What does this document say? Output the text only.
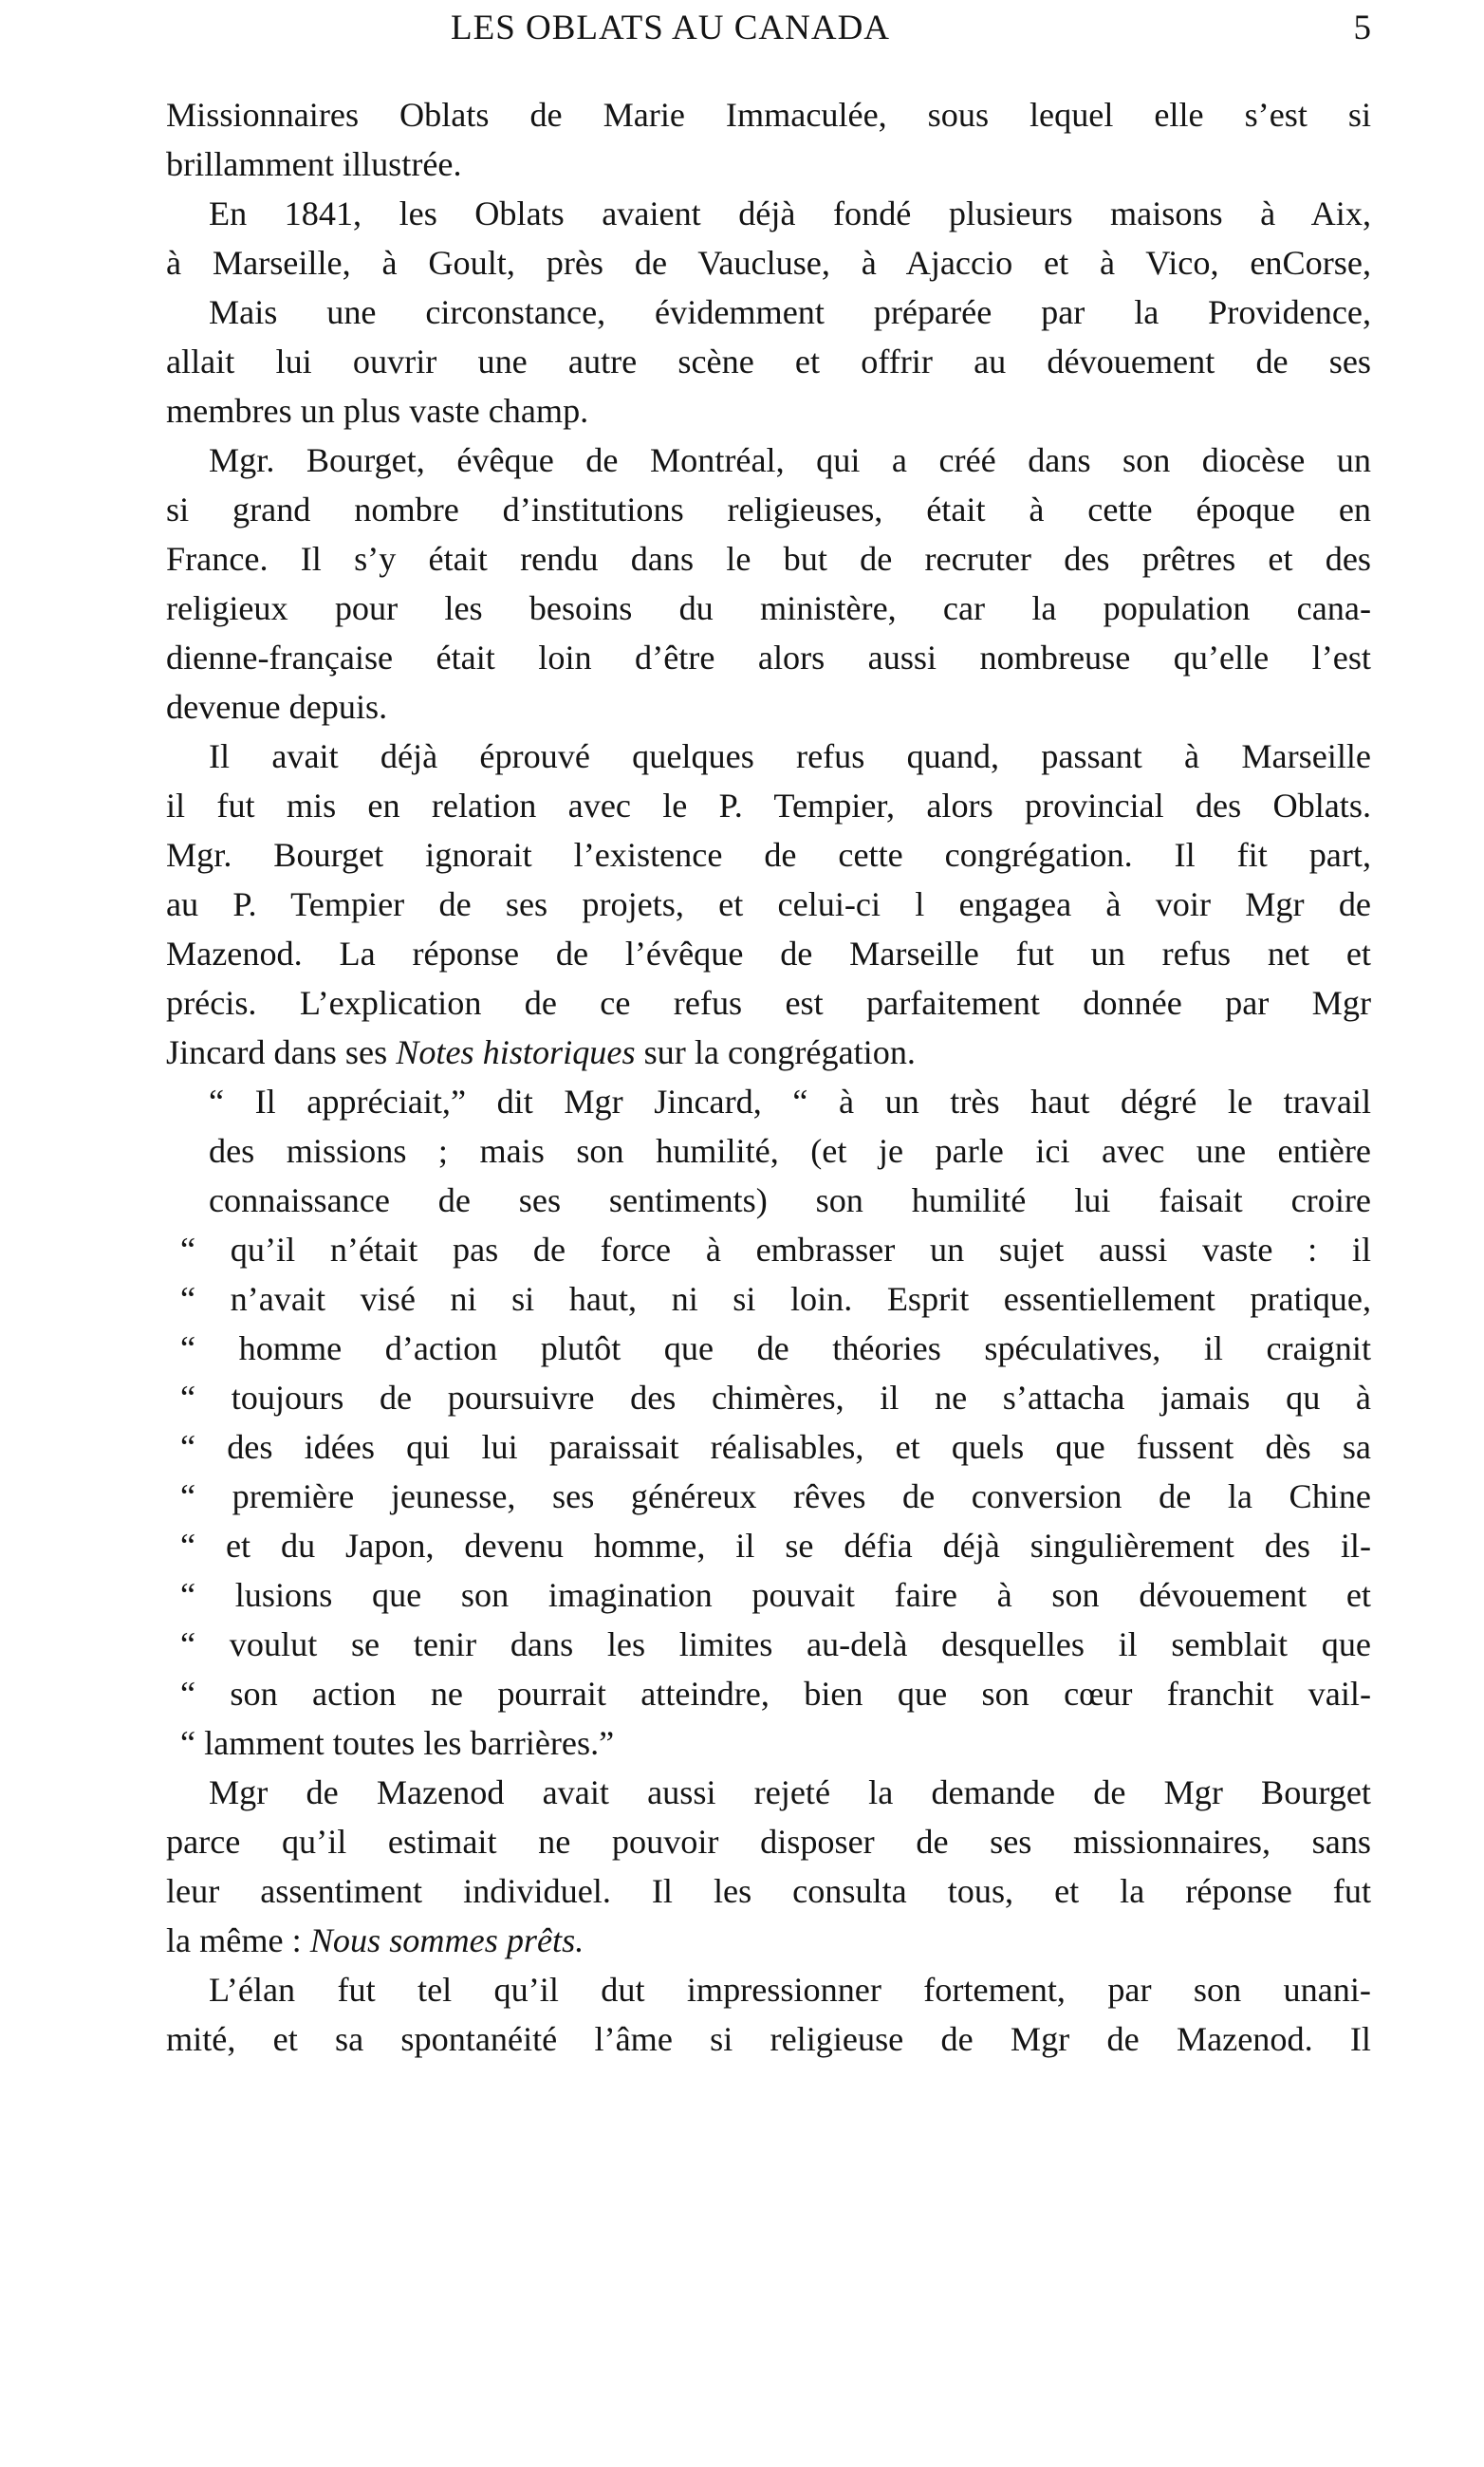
LES OBLATS AU CANADA	5
Missionnaires Oblats de Marie Immaculée, sous lequel elle s’est si
brillamment illustrée.
En 1841, les Oblats avaient déjà fondé plusieurs maisons à Aix,
à Marseille, à Goult, près de Vaucluse, à Ajaccio et à Vico, enCorse,
Mais une circonstance, évidemment préparée par la Providence,
allait lui ouvrir une autre scène et offrir au dévouement de ses
membres un plus vaste champ.
Mgr. Bourget, évêque de Montréal, qui a créé dans son diocèse un
si grand nombre d’institutions religieuses, était à cette époque en
France. Il s’y était rendu dans le but de recruter des prêtres et des
religieux pour les besoins du ministère, car la population cana-
dienne-française était loin d’être alors aussi nombreuse qu’elle l’est
devenue depuis.
Il avait déjà éprouvé quelques refus quand, passant à Marseille
il fut mis en relation avec le P. Tempier, alors provincial des Oblats.
Mgr. Bourget ignorait l’existence de cette congrégation. Il fit part,
au P. Tempier de ses projets, et celui-ci l engagea à voir Mgr de
Mazenod. La réponse de l’évêque de Marseille fut un refus net et
précis. L’explication de ce refus est parfaitement donnée par Mgr
Jincard dans ses Notes historiques sur la congrégation.
“ Il appréciait,” dit Mgr Jincard, “ à un très haut dégré le travail
des missions ; mais son humilité, (et je parle ici avec une entière
connaissance de ses sentiments) son humilité lui faisait croire
“ qu’il n’était pas de force à embrasser un sujet aussi vaste : il
“ n’avait visé ni si haut, ni si loin. Esprit essentiellement pratique,
“ homme d’action plutôt que de théories spéculatives, il craignit
“ toujours de poursuivre des chimères, il ne s’attacha jamais qu à
“ des idées qui lui paraissait réalisables, et quels que fussent dès sa
“ première jeunesse, ses généreux rêves de conversion de la Chine
“ et du Japon, devenu homme, il se défia déjà singulièrement des il-
“ lusions que son imagination pouvait faire à son dévouement et
“ voulut se tenir dans les limites au-delà desquelles il semblait que
“ son action ne pourrait atteindre, bien que son cœur franchit vail-
“ lamment toutes les barrières.”
Mgr de Mazenod avait aussi rejeté la demande de Mgr Bourget
parce qu’il estimait ne pouvoir disposer de ses missionnaires, sans
leur assentiment individuel. Il les consulta tous, et la réponse fut
la même : Nous sommes prêts.
L’élan fut tel qu’il dut impressionner fortement, par son unani-
mité, et sa spontanéité l’âme si religieuse de Mgr de Mazenod. Il
